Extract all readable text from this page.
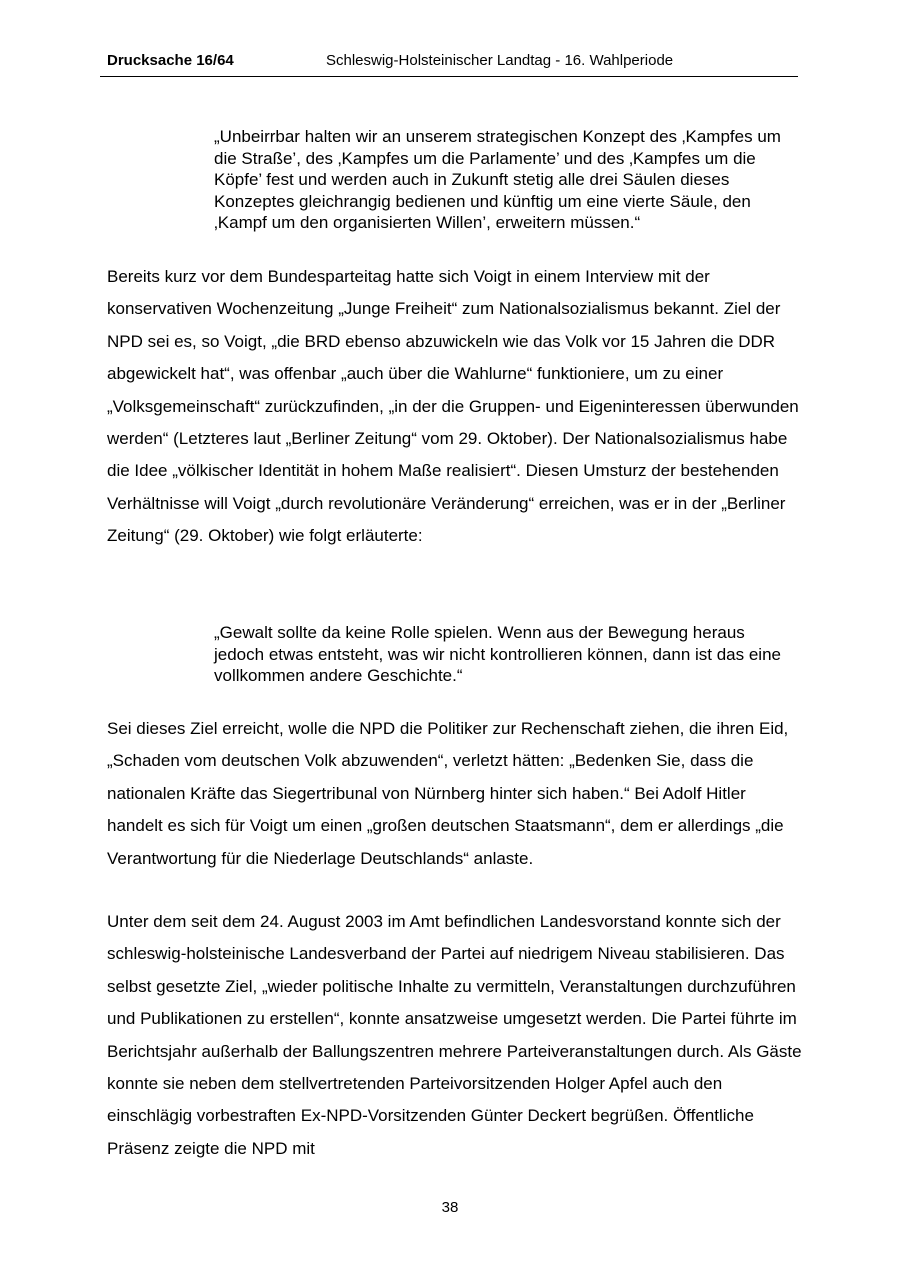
Drucksache 16/64	Schleswig-Holsteinischer Landtag - 16. Wahlperiode

„Unbeirrbar halten wir an unserem strategischen Konzept des ‚Kampfes um die Straße’, des ‚Kampfes um die Parlamente’ und des ‚Kampfes um die Köpfe’ fest und werden auch in Zukunft stetig alle drei Säulen dieses Konzeptes gleichrangig bedienen und künftig um eine vierte Säule, den ‚Kampf um den organisierten Willen’, erweitern müssen.“

Bereits kurz vor dem Bundesparteitag hatte sich Voigt in einem Interview mit der konservativen Wochenzeitung „Junge Freiheit“ zum Nationalsozialismus bekannt. Ziel der NPD sei es, so Voigt, „die BRD ebenso abzuwickeln wie das Volk vor 15 Jahren die DDR abgewickelt hat“, was offenbar „auch über die Wahlurne“ funktioniere, um zu einer „Volksgemeinschaft“ zurückzufinden, „in der die Gruppen- und Eigeninteressen überwunden werden“ (Letzteres laut „Berliner Zeitung“ vom 29. Oktober). Der Nationalsozialismus habe die Idee „völkischer Identität in hohem Maße realisiert“. Diesen Umsturz der bestehenden Verhältnisse will Voigt „durch revolutionäre Veränderung“ erreichen, was er in der „Berliner Zeitung“ (29. Oktober) wie folgt erläuterte:

„Gewalt sollte da keine Rolle spielen. Wenn aus der Bewegung heraus jedoch etwas entsteht, was wir nicht kontrollieren können, dann ist das eine vollkommen andere Geschichte.“

Sei dieses Ziel erreicht, wolle die NPD die Politiker zur Rechenschaft ziehen, die ihren Eid, „Schaden vom deutschen Volk abzuwenden“, verletzt hätten: „Bedenken Sie, dass die nationalen Kräfte das Siegertribunal von Nürnberg hinter sich haben.“ Bei Adolf Hitler handelt es sich für Voigt um einen „großen deutschen Staatsmann“, dem er allerdings „die Verantwortung für die Niederlage Deutschlands“ anlaste.

Unter dem seit dem 24. August 2003 im Amt befindlichen Landesvorstand konnte sich der schleswig-holsteinische Landesverband der Partei auf niedrigem Niveau stabilisieren. Das selbst gesetzte Ziel, „wieder politische Inhalte zu vermitteln, Veranstaltungen durchzuführen und Publikationen zu erstellen“, konnte ansatzweise umgesetzt werden. Die Partei führte im Berichtsjahr außerhalb der Ballungszentren mehrere Parteiveranstaltungen durch. Als Gäste konnte sie neben dem stellvertretenden Parteivorsitzenden Holger Apfel auch den einschlägig vorbestraften Ex-NPD-Vorsitzenden Günter Deckert begrüßen. Öffentliche Präsenz zeigte die NPD mit

38
